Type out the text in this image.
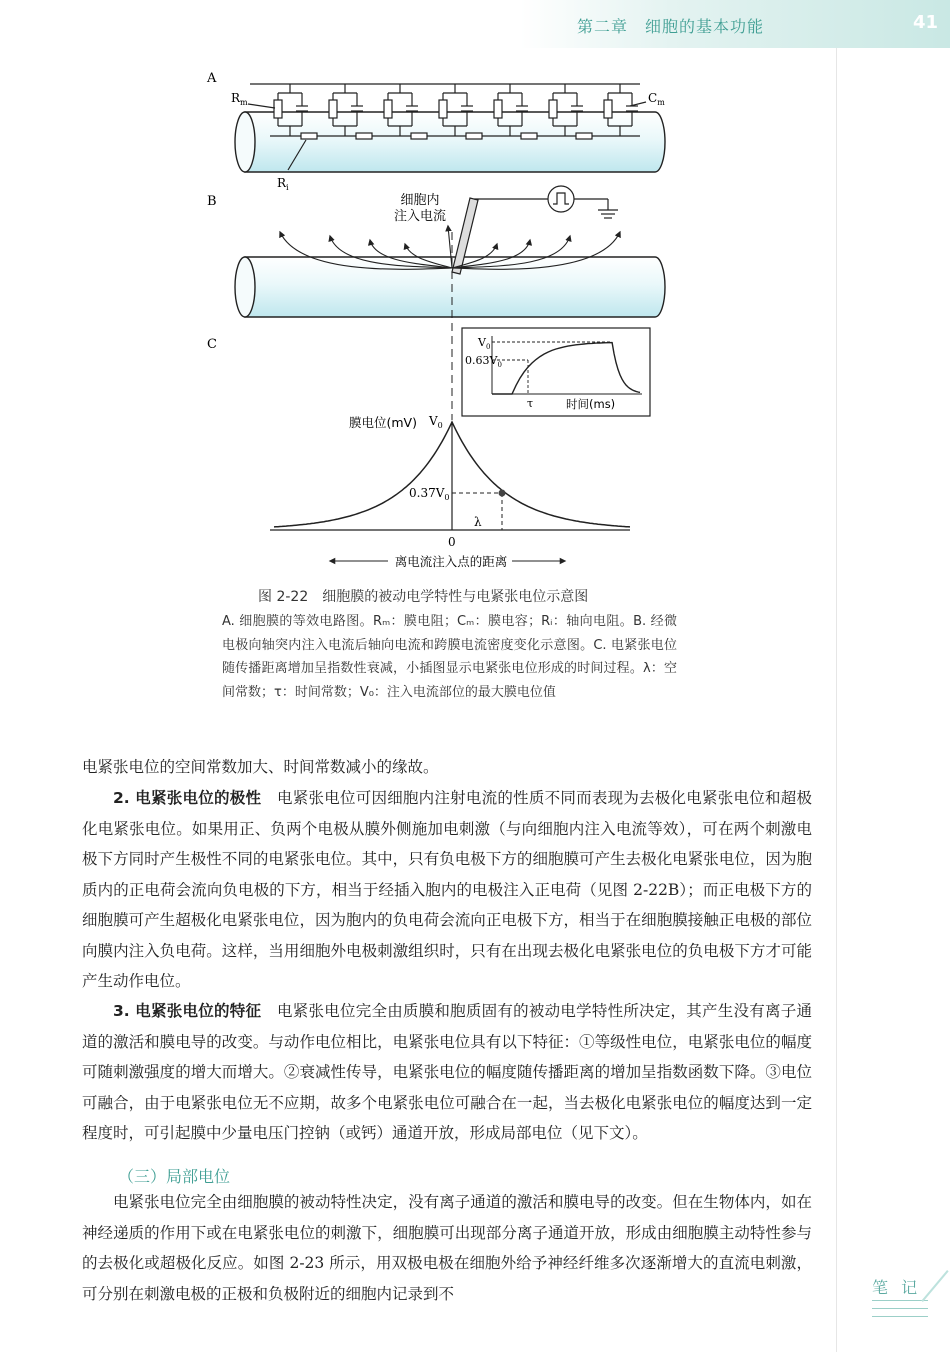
第二章　 细胞的基本功能	41
A
B
C
$R_m$	$C_m$
$R_i$
细胞内
注入电流
膜电位(mV) $V_0$
$0.37V_0$
λ
0
离电流注入点的距离
$V_0$
$0.63V_0$
τ	时间(ms)
图 2-22　细胞膜的被动电学特性与电紧张电位示意图

A. 细胞膜的等效电路图。Rₘ：膜电阻；Cₘ：膜电容；Rᵢ：轴向电阻。B. 经微电极向轴突内注入电流后轴向电流和跨膜电流密度变化示意图。C. 电紧张电位随传播距离增加呈指数性衰减，小插图显示电紧张电位形成的时间过程。λ：空间常数；τ：时间常数；V₀：注入电流部位的最大膜电位值

电紧张电位的空间常数加大、时间常数减小的缘故。

2. 电紧张电位的极性　 电紧张电位可因细胞内注射电流的性质不同而表现为去极化电紧张电位和超极化电紧张电位。如果用正、负两个电极从膜外侧施加电刺激（与向细胞内注入电流等效），可在两个刺激电极下方同时产生极性不同的电紧张电位。其中，只有负电极下方的细胞膜可产生去极化电紧张电位，因为胞质内的正电荷会流向负电极的下方，相当于经插入胞内的电极注入正电荷（见图 2-22B）；而正电极下方的细胞膜可产生超极化电紧张电位，因为胞内的负电荷会流向正电极下方，相当于在细胞膜接触正电极的部位向膜内注入负电荷。这样，当用细胞外电极刺激组织时，只有在出现去极化电紧张电位的负电极下方才可能产生动作电位。

3. 电紧张电位的特征　 电紧张电位完全由质膜和胞质固有的被动电学特性所决定，其产生没有离子通道的激活和膜电导的改变。与动作电位相比，电紧张电位具有以下特征：①等级性电位，电紧张电位的幅度可随刺激强度的增大而增大。②衰减性传导，电紧张电位的幅度随传播距离的增加呈指数函数下降。③电位可融合，由于电紧张电位无不应期，故多个电紧张电位可融合在一起，当去极化电紧张电位的幅度达到一定程度时，可引起膜中少量电压门控钠（或钙）通道开放，形成局部电位（见下文）。

（三）局部电位

电紧张电位完全由细胞膜的被动特性决定，没有离子通道的激活和膜电导的改变。但在生物体内，如在神经递质的作用下或在电紧张电位的刺激下，细胞膜可出现部分离子通道开放，形成由细胞膜主动特性参与的去极化或超极化反应。如图 2-23 所示，用双极电极在细胞外给予神经纤维多次逐渐增大的直流电刺激，可分别在刺激电极的正极和负极附近的细胞内记录到不	笔 记
